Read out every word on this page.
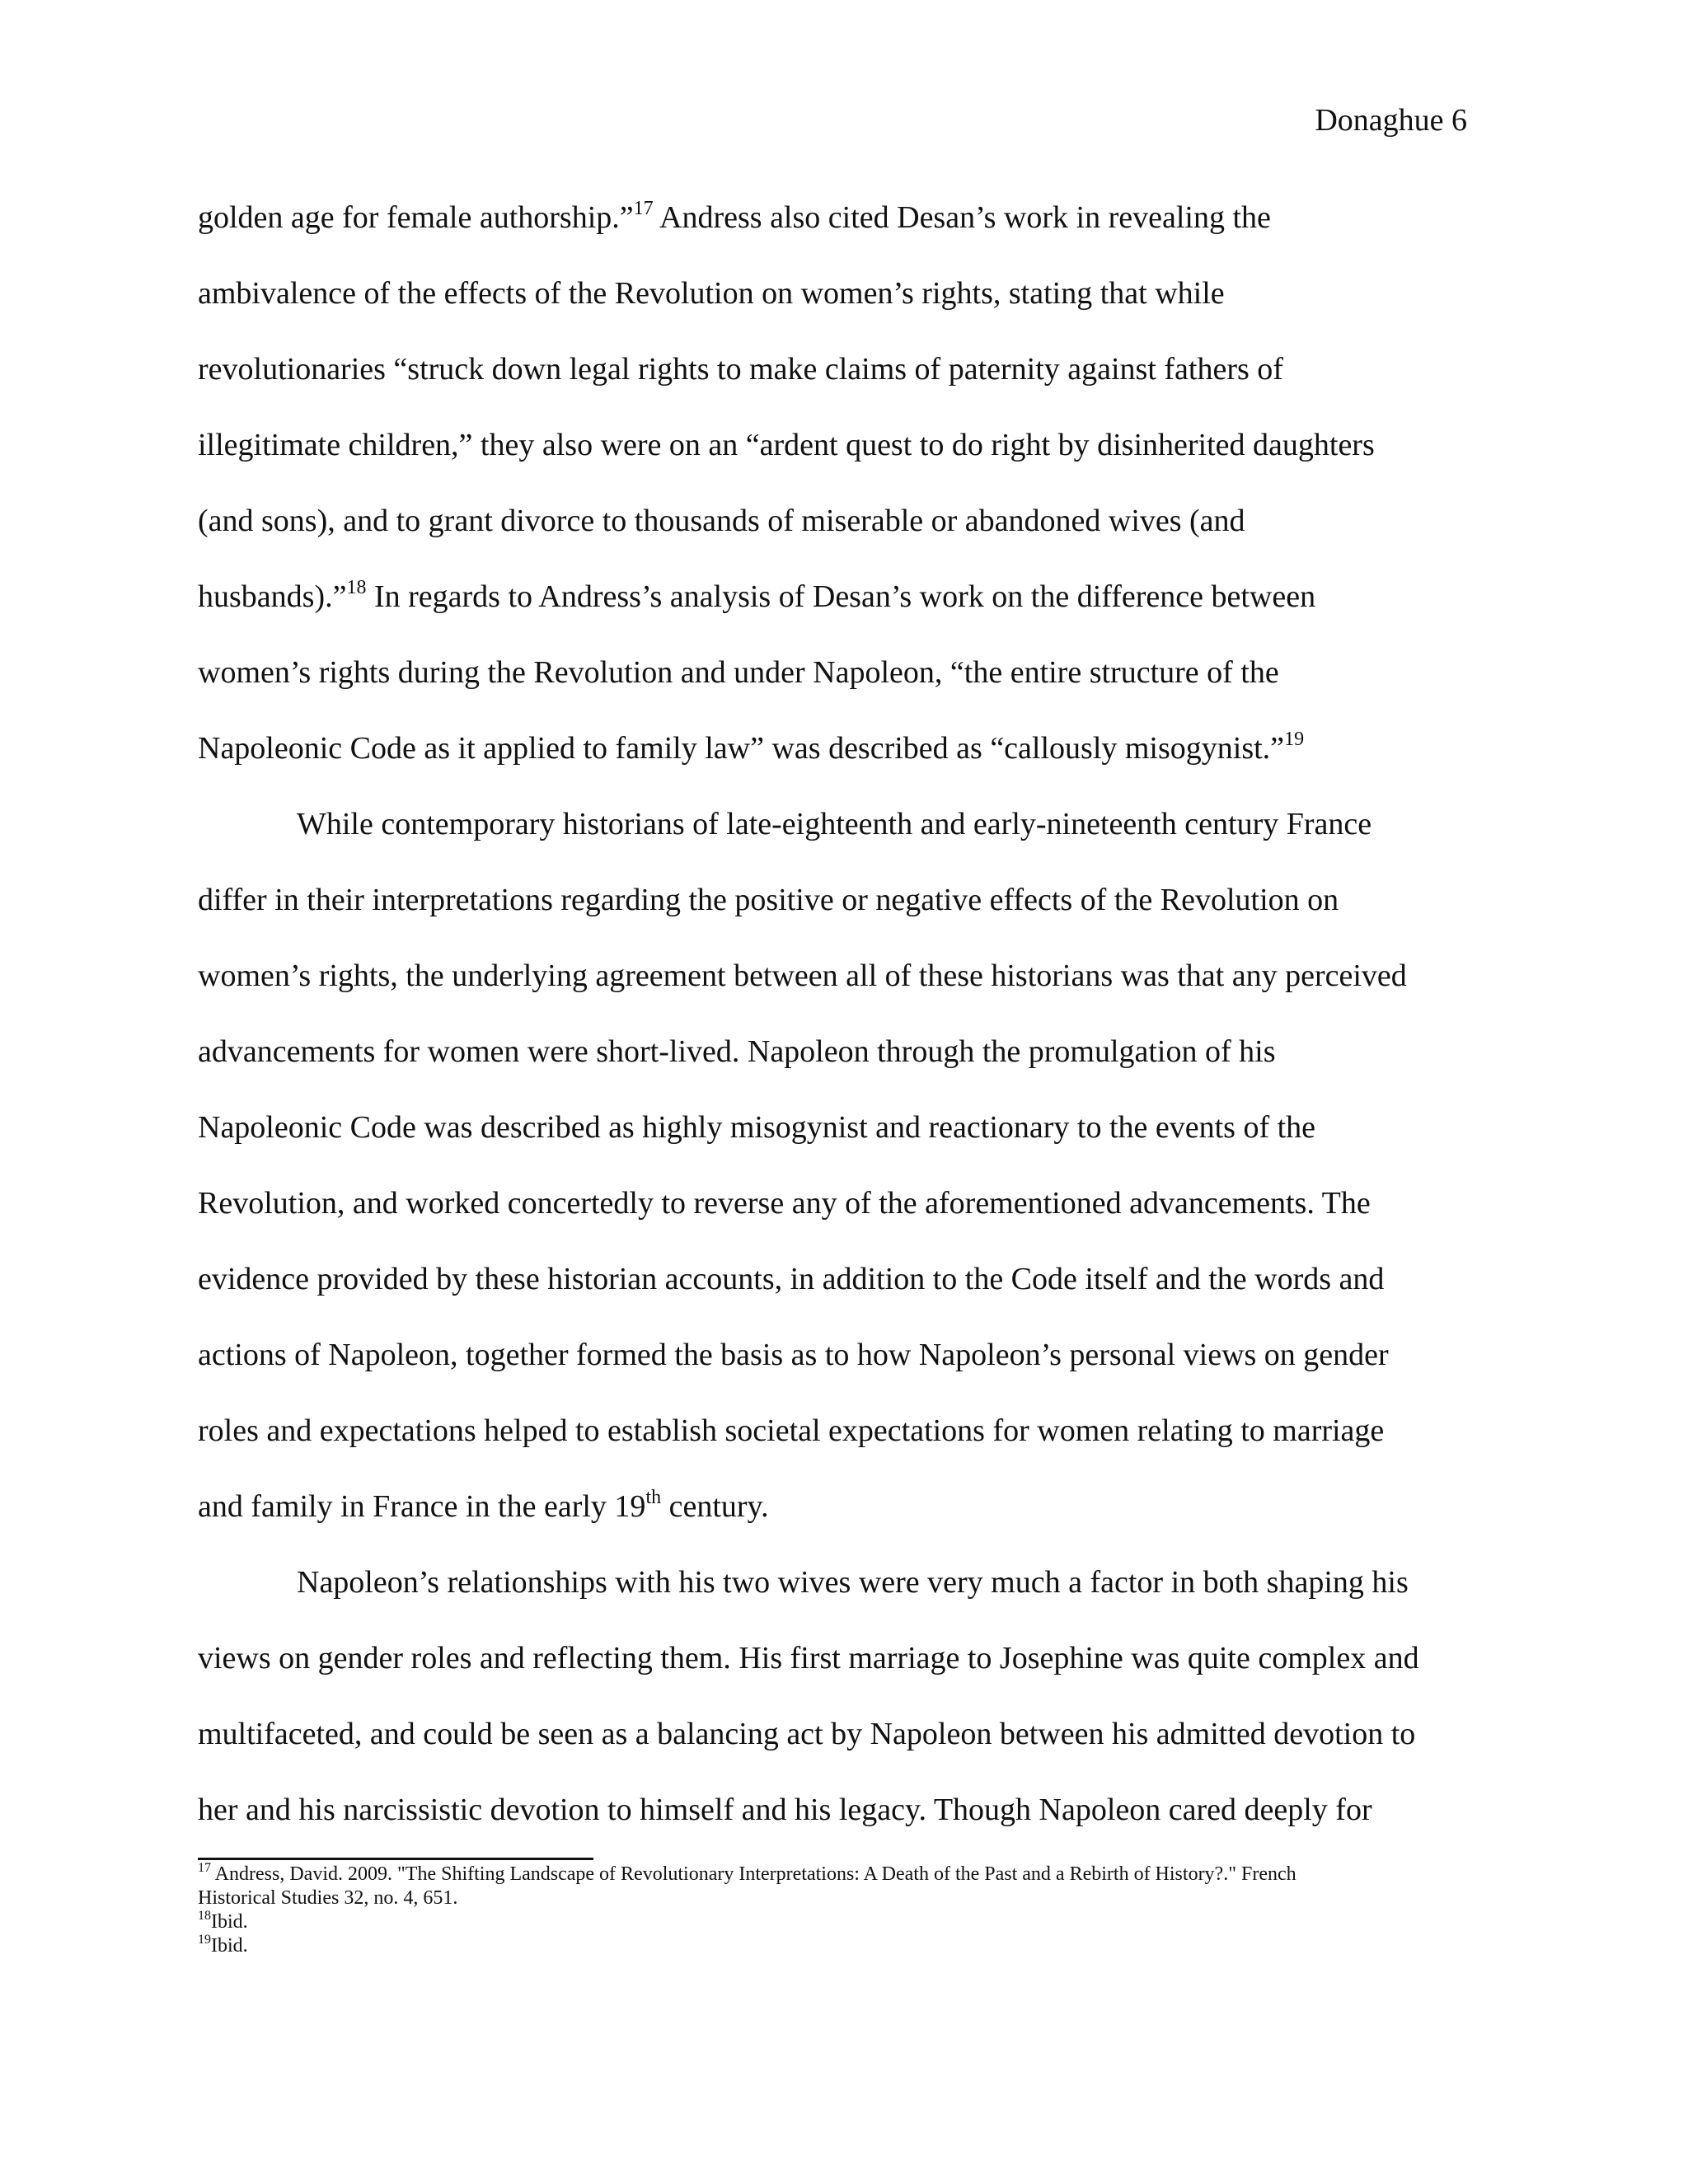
Donaghue 6
golden age for female authorship.”$^{17}$ Andress also cited Desan’s work in revealing the
ambivalence of the effects of the Revolution on women’s rights, stating that while
revolutionaries “struck down legal rights to make claims of paternity against fathers of
illegitimate children,” they also were on an “ardent quest to do right by disinherited daughters
(and sons), and to grant divorce to thousands of miserable or abandoned wives (and
husbands).”$^{18}$ In regards to Andress’s analysis of Desan’s work on the difference between
women’s rights during the Revolution and under Napoleon, “the entire structure of the
Napoleonic Code as it applied to family law” was described as “callously misogynist.”$^{19}$
While contemporary historians of late-eighteenth and early-nineteenth century France
differ in their interpretations regarding the positive or negative effects of the Revolution on
women’s rights, the underlying agreement between all of these historians was that any perceived
advancements for women were short-lived. Napoleon through the promulgation of his
Napoleonic Code was described as highly misogynist and reactionary to the events of the
Revolution, and worked concertedly to reverse any of the aforementioned advancements. The
evidence provided by these historian accounts, in addition to the Code itself and the words and
actions of Napoleon, together formed the basis as to how Napoleon’s personal views on gender
roles and expectations helped to establish societal expectations for women relating to marriage
and family in France in the early 19th century.
Napoleon’s relationships with his two wives were very much a factor in both shaping his
views on gender roles and reflecting them. His first marriage to Josephine was quite complex and
multifaceted, and could be seen as a balancing act by Napoleon between his admitted devotion to
her and his narcissistic devotion to himself and his legacy. Though Napoleon cared deeply for
$^{17}$ Andress, David. 2009. "The Shifting Landscape of Revolutionary Interpretations: A Death of the Past and a Rebirth of History?." French
Historical Studies 32, no. 4, 651.
$^{18}$Ibid.
$^{19}$Ibid.
